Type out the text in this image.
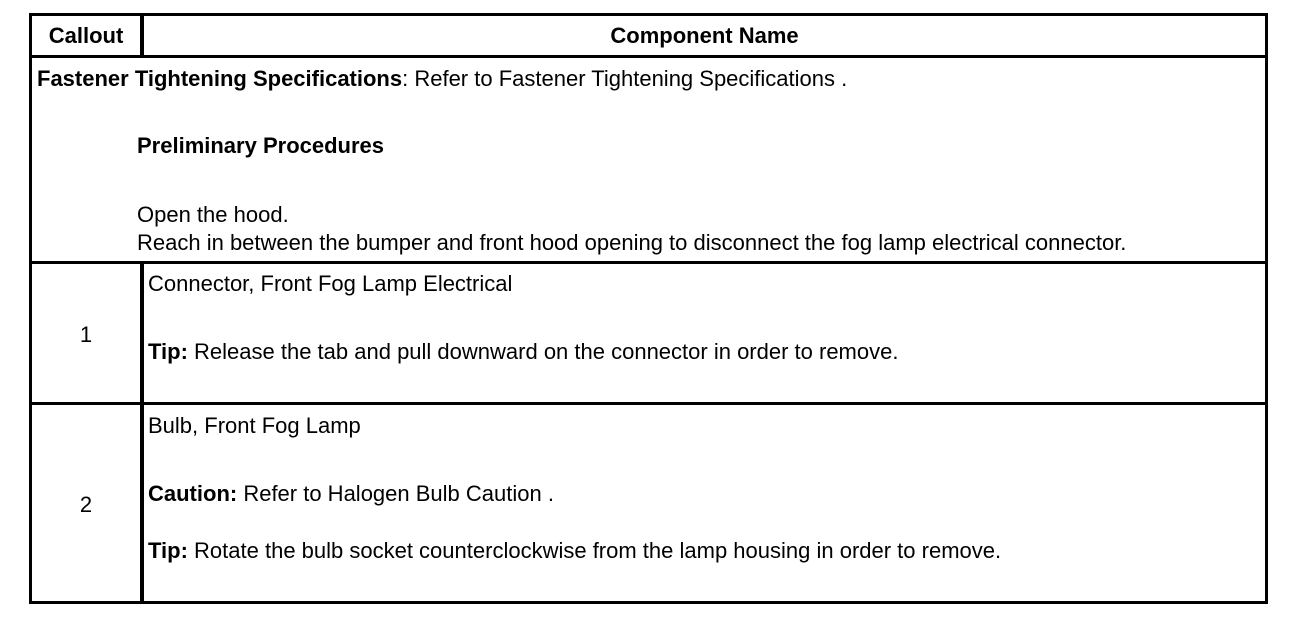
Callout	Component Name
Fastener Tightening Specifications: Refer to Fastener Tightening Specifications .
Preliminary Procedures
Open the hood.
Reach in between the bumper and front hood opening to disconnect the fog lamp electrical connector.
1
Connector, Front Fog Lamp Electrical
Tip: Release the tab and pull downward on the connector in order to remove.
2
Bulb, Front Fog Lamp
Caution: Refer to Halogen Bulb Caution .
Tip: Rotate the bulb socket counterclockwise from the lamp housing in order to remove.
